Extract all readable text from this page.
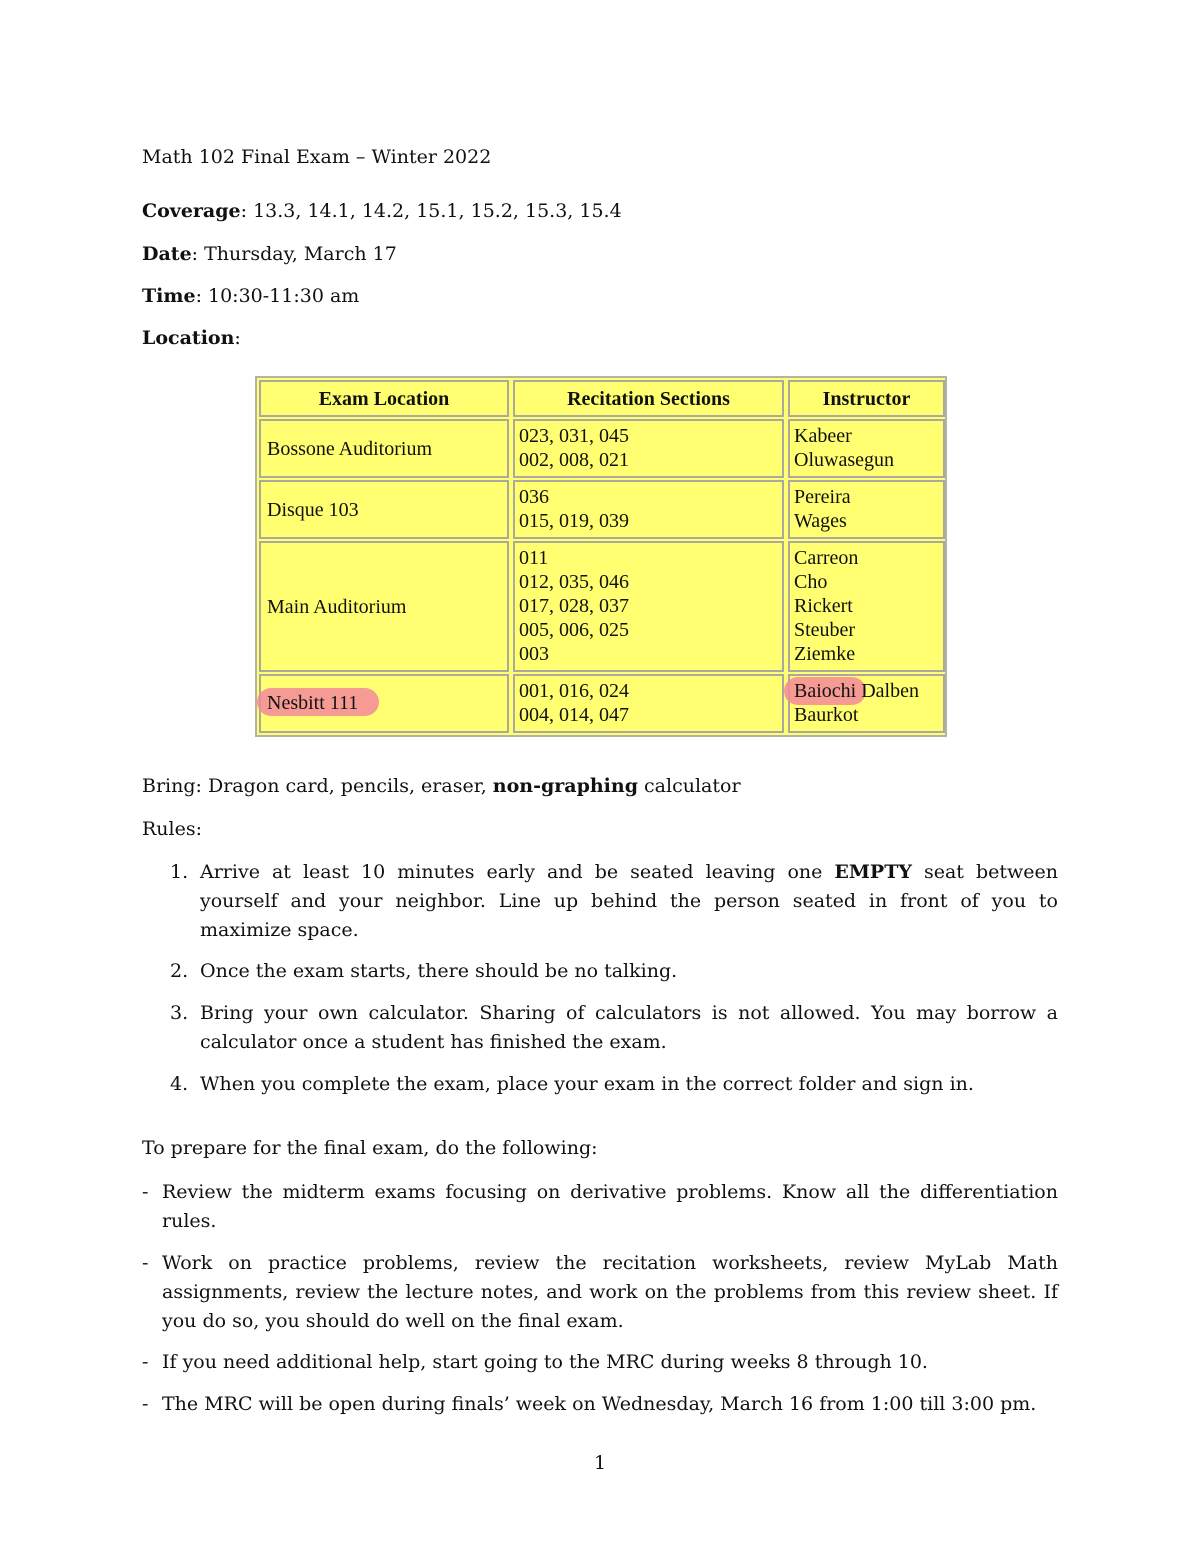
Math 102 Final Exam – Winter 2022
Coverage: 13.3, 14.1, 14.2, 15.1, 15.2, 15.3, 15.4
Date: Thursday, March 17
Time: 10:30-11:30 am
Location:
Exam Location	Recitation Sections	Instructor
Bossone Auditorium
023, 031, 045
002, 008, 021
Kabeer
Oluwasegun
Disque 103
036
015, 019, 039
Pereira
Wages
Main Auditorium
011
012, 035, 046
017, 028, 037
005, 006, 025
003
Carreon
Cho
Rickert
Steuber
Ziemke
Nesbitt 111
001, 016, 024
004, 014, 047
Baiochi Dalben
Baurkot
Bring: Dragon card, pencils, eraser, non-graphing calculator
Rules:
1. Arrive at least 10 minutes early and be seated leaving one EMPTY seat between yourself and your neighbor. Line up behind the person seated in front of you to maximize space.
2. Once the exam starts, there should be no talking.
3. Bring your own calculator. Sharing of calculators is not allowed. You may borrow a calculator once a student has finished the exam.
4. When you complete the exam, place your exam in the correct folder and sign in.
To prepare for the final exam, do the following:
- Review the midterm exams focusing on derivative problems. Know all the differentiation rules.
- Work on practice problems, review the recitation worksheets, review MyLab Math assignments, review the lecture notes, and work on the problems from this review sheet. If you do so, you should do well on the final exam.
- If you need additional help, start going to the MRC during weeks 8 through 10.
- The MRC will be open during finals’ week on Wednesday, March 16 from 1:00 till 3:00 pm.
1
